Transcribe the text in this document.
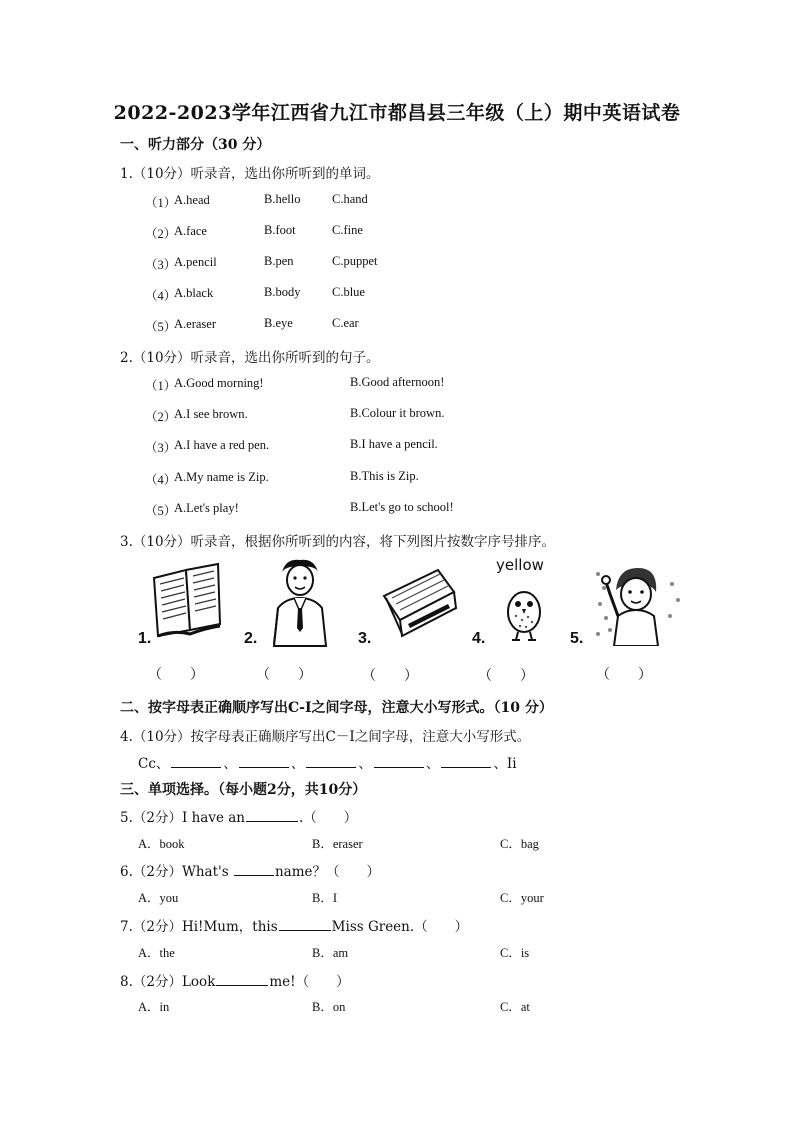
2022-2023学年江西省九江市都昌县三年级（上）期中英语试卷
一、听力部分（30 分）
1.（10分）听录音，选出你所听到的单词。
（1）
A.head	B.hello	C.hand
（2）
A.face	B.foot	C.fine
（3）
A.pencil	B.pen	C.puppet
（4）
A.black	B.body	C.blue
（5）
A.eraser	B.eye	C.ear
2.（10分）听录音，选出你所听到的句子。
（1）
A.Good morning!	B.Good afternoon!
（2）
A.I see brown.	B.Colour it brown.
（3）
A.I have a red pen.	B.I have a pencil.
（4）
A.My name is Zip.	B.This is Zip.
（5）
A.Let's play!	B.Let's go to school!
3.（10分）听录音，根据你所听到的内容，将下列图片按数字序号排序。
1.	2.	3.
yellow
4.	5.
（　　）	（　　）	（　　）	（　　）	（　　）
二、按字母表正确顺序写出C-I之间字母，注意大小写形式。（10 分）
4.（10分）按字母表正确顺序写出C－I之间字母，注意大小写形式。
Cc、	、	、	、	、	、Ii
三、单项选择。（每小题2分，共10分）
5.（2分）I have an	.（　　）
A．book	B．eraser	C．bag
6.（2分）What's	name？（　　）
A．you	B．I	C．your
7.（2分）Hi!Mum，this	Miss Green.（　　）
A．the	B．am	C．is
8.（2分）Look	me!（　　）
A．in	B．on	C．at
